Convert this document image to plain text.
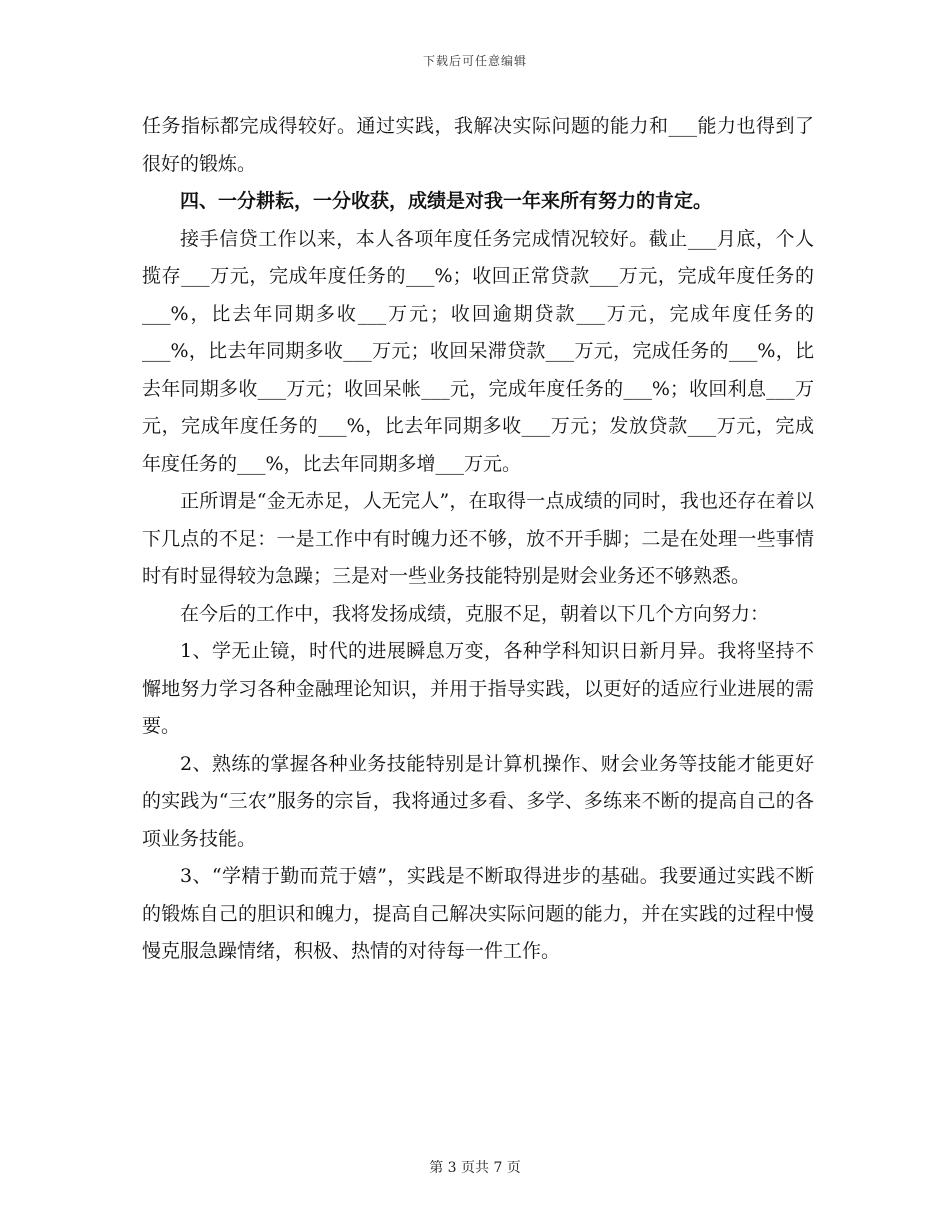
下载后可任意编辑

任务指标都完成得较好。通过实践，我解决实际问题的能力和___能力也得到了很好的锻炼。

四、一分耕耘，一分收获，成绩是对我一年来所有努力的肯定。

接手信贷工作以来，本人各项年度任务完成情况较好。截止___月底，个人揽存___万元，完成年度任务的___%；收回正常贷款___万元，完成年度任务的___%，比去年同期多收___万元；收回逾期贷款___万元，完成年度任务的___%，比去年同期多收___万元；收回呆滞贷款___万元，完成任务的___%，比去年同期多收___万元；收回呆帐___元，完成年度任务的___%；收回利息___万元，完成年度任务的___%，比去年同期多收___万元；发放贷款___万元，完成年度任务的___%，比去年同期多增___万元。

正所谓是“金无赤足，人无完人”，在取得一点成绩的同时，我也还存在着以下几点的不足：一是工作中有时魄力还不够，放不开手脚；二是在处理一些事情时有时显得较为急躁；三是对一些业务技能特别是财会业务还不够熟悉。

在今后的工作中，我将发扬成绩，克服不足，朝着以下几个方向努力：

1、学无止镜，时代的进展瞬息万变，各种学科知识日新月异。我将坚持不懈地努力学习各种金融理论知识，并用于指导实践，以更好的适应行业进展的需要。

2、熟练的掌握各种业务技能特别是计算机操作、财会业务等技能才能更好的实践为“三农”服务的宗旨，我将通过多看、多学、多练来不断的提高自己的各项业务技能。

3、“学精于勤而荒于嬉”，实践是不断取得进步的基础。我要通过实践不断的锻炼自己的胆识和魄力，提高自己解决实际问题的能力，并在实践的过程中慢慢克服急躁情绪，积极、热情的对待每一件工作。

第 3 页共 7 页
